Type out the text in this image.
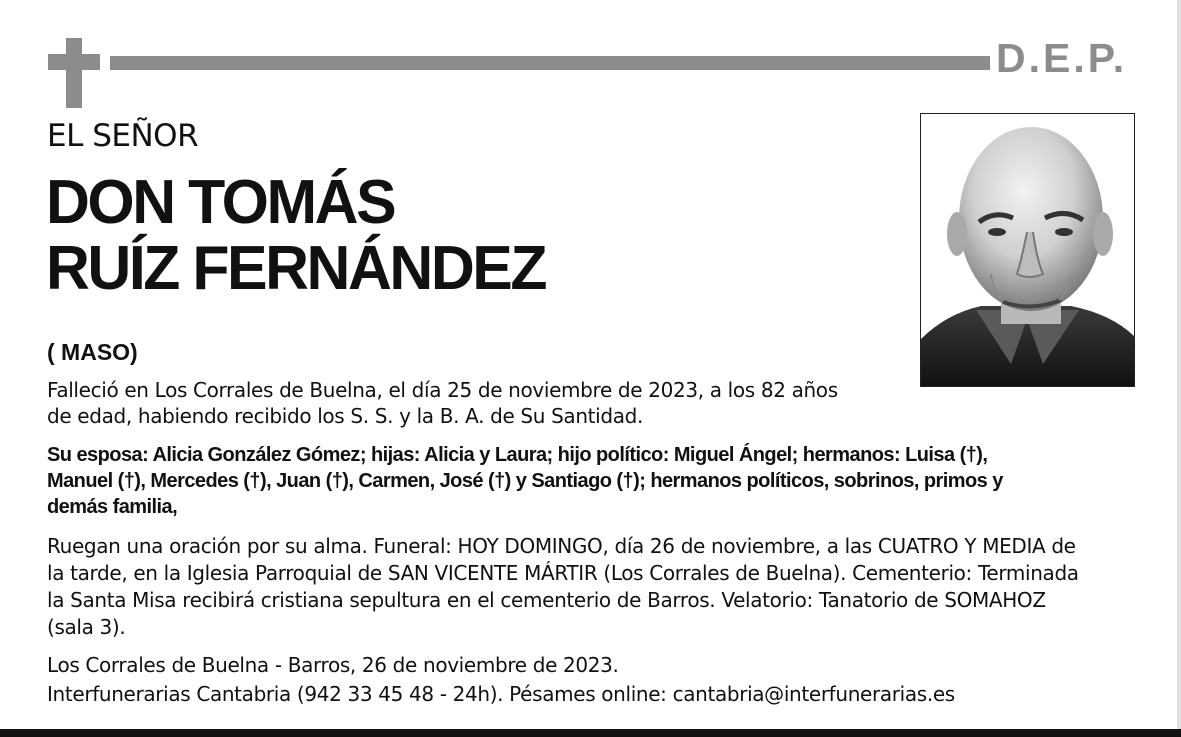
D.E.P.
EL SEÑOR
DON TOMÁS
RUÍZ FERNÁNDEZ
( MASO)
Falleció en Los Corrales de Buelna, el día 25 de noviembre de 2023, a los 82 años
de edad, habiendo recibido los S. S. y la B. A. de Su Santidad.
Su esposa: Alicia González Gómez; hijas: Alicia y Laura; hijo político: Miguel Ángel; hermanos: Luisa (†),
Manuel (†), Mercedes (†), Juan (†), Carmen, José (†) y Santiago (†); hermanos políticos, sobrinos, primos y
demás familia,
Ruegan una oración por su alma. Funeral: HOY DOMINGO, día 26 de noviembre, a las CUATRO Y MEDIA de
la tarde, en la Iglesia Parroquial de SAN VICENTE MÁRTIR (Los Corrales de Buelna). Cementerio: Terminada
la Santa Misa recibirá cristiana sepultura en el cementerio de Barros. Velatorio: Tanatorio de SOMAHOZ
(sala 3).
Los Corrales de Buelna - Barros, 26 de noviembre de 2023.
Interfunerarias Cantabria (942 33 45 48 - 24h). Pésames online: cantabria@interfunerarias.es
